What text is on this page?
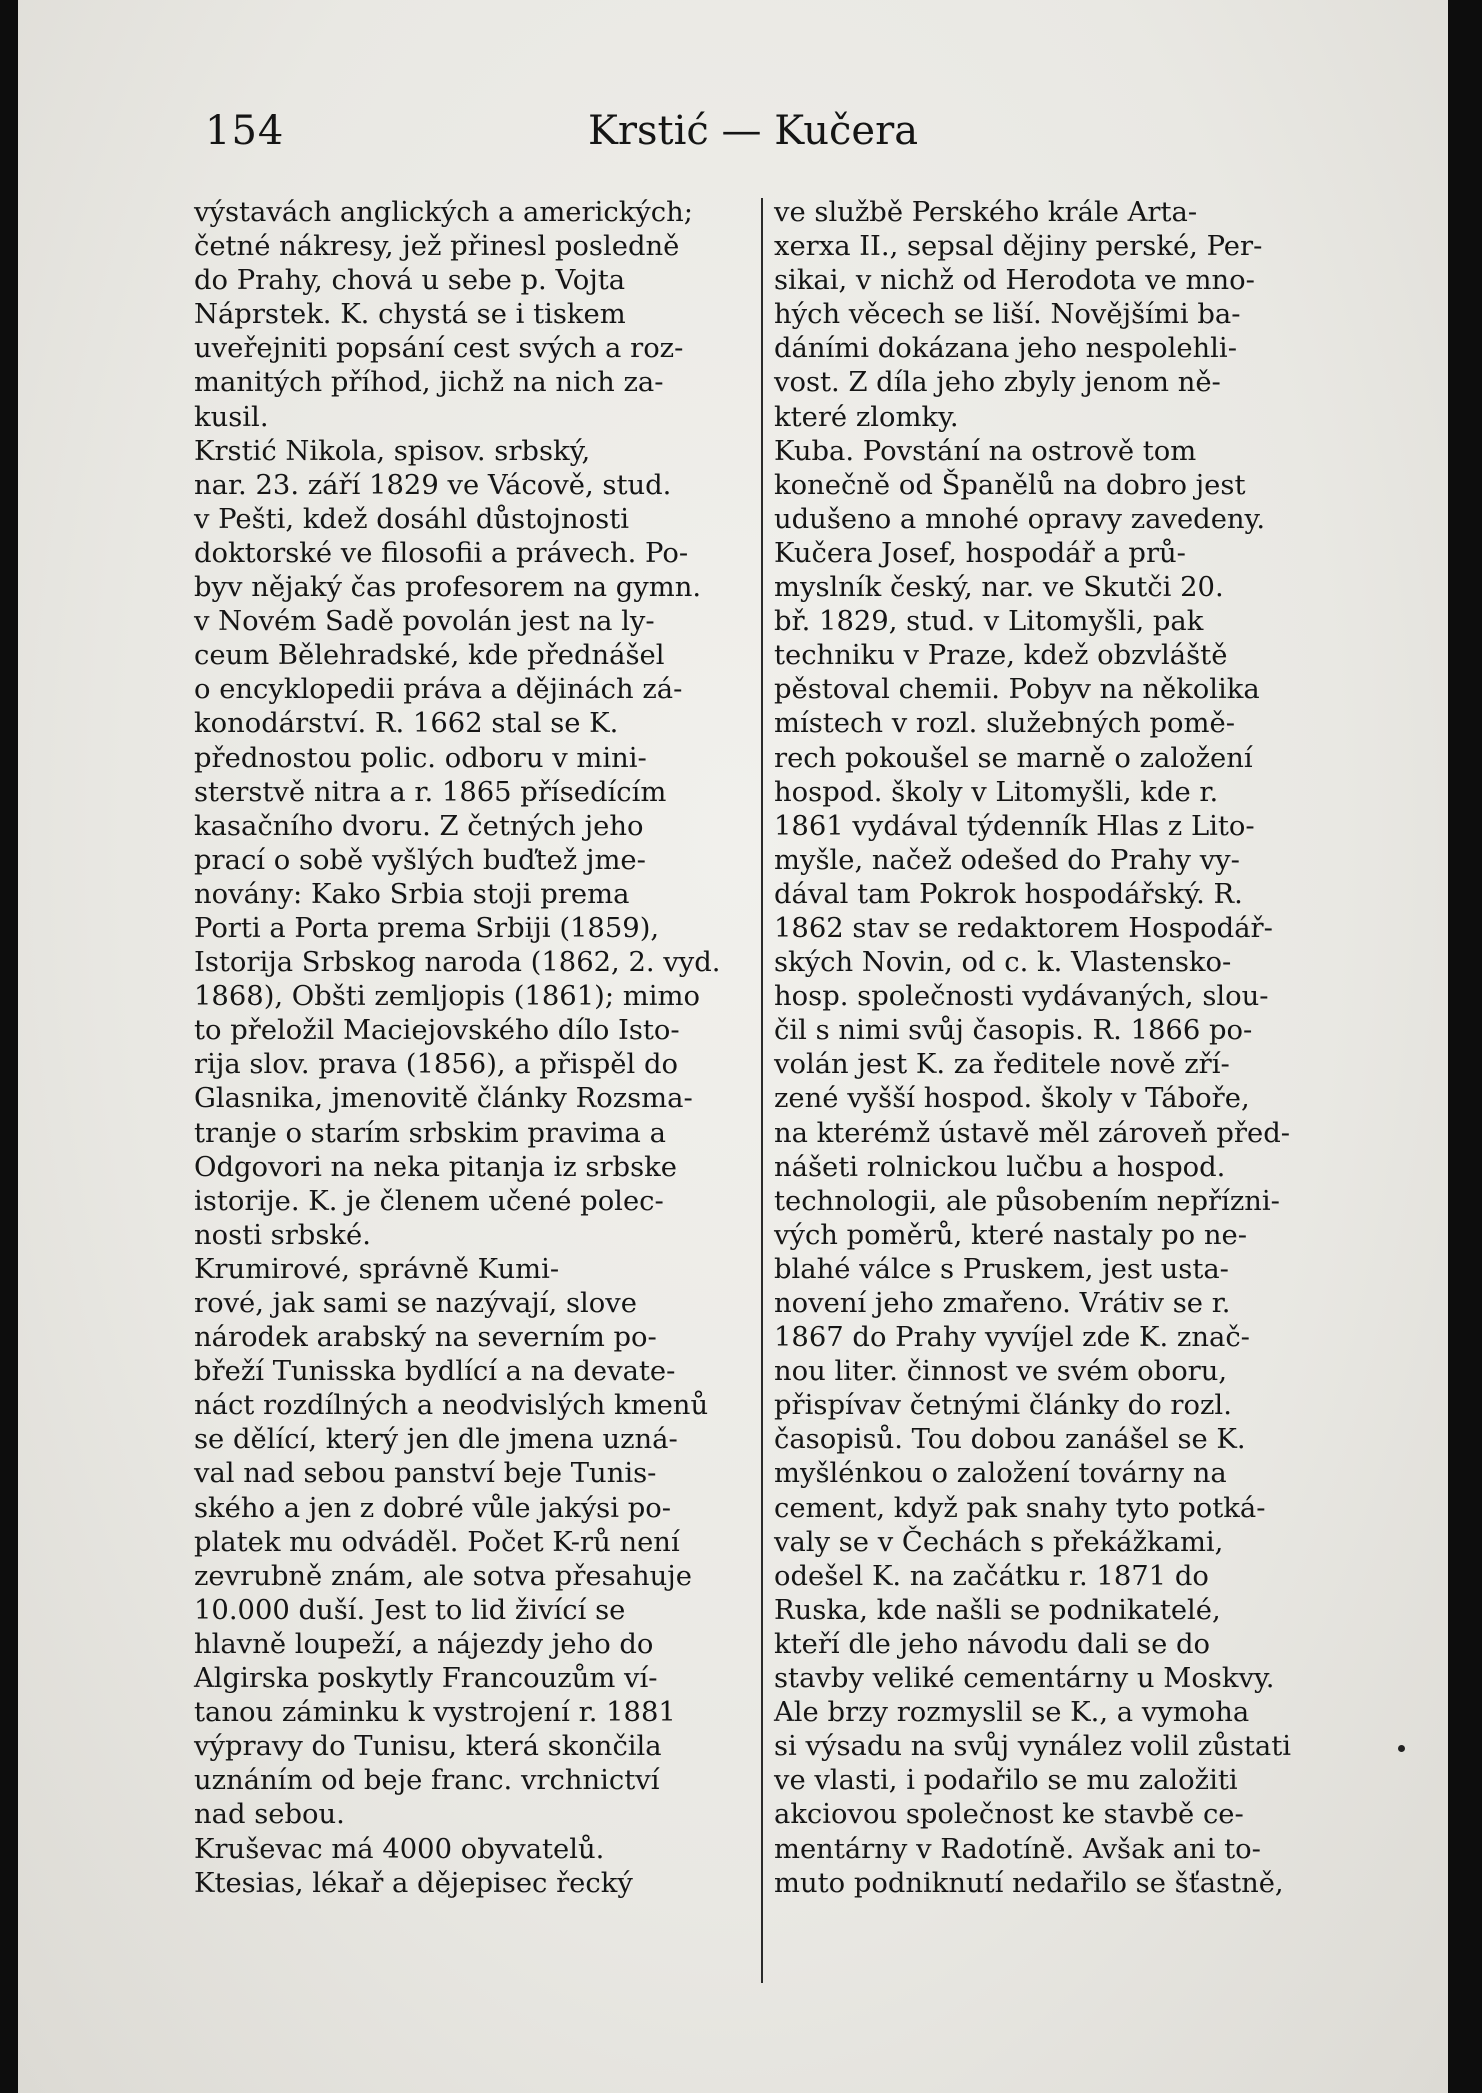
154	Krstić — Kučera
výstavách anglických a amerických;
četné nákresy, jež přinesl posledně
do Prahy, chová u sebe p. Vojta
Náprstek. K. chystá se i tiskem
uveřejniti popsání cest svých a roz-
manitých příhod, jichž na nich za-
kusil.
Krstić Nikola, spisov. srbský,
nar. 23. září 1829 ve Vácově, stud.
v Pešti, kdež dosáhl důstojnosti
doktorské ve filosofii a právech. Po-
byv nějaký čas profesorem na gymn.
v Novém Sadě povolán jest na ly-
ceum Bělehradské, kde přednášel
o encyklopedii práva a dějinách zá-
konodárství. R. 1662 stal se K.
přednostou polic. odboru v mini-
sterstvě nitra a r. 1865 přísedícím
kasačního dvoru. Z četných jeho
prací o sobě vyšlých buďtež jme-
novány: Kako Srbia stoji prema
Porti a Porta prema Srbiji (1859),
Istorija Srbskog naroda (1862, 2. vyd.
1868), Obšti zemljopis (1861); mimo
to přeložil Maciejovského dílo Isto-
rija slov. prava (1856), a přispěl do
Glasnika, jmenovitě články Rozsma-
tranje o starím srbskim pravima a
Odgovori na neka pitanja iz srbske
istorije. K. je členem učené polec-
nosti srbské.
Krumirové, správně Kumi-
rové, jak sami se nazývají, slove
národek arabský na severním po-
břeží Tunisska bydlící a na devate-
náct rozdílných a neodvislých kmenů
se dělící, který jen dle jmena uzná-
val nad sebou panství beje Tunis-
ského a jen z dobré vůle jakýsi po-
platek mu odváděl. Počet K-rů není
zevrubně znám, ale sotva přesahuje
10.000 duší. Jest to lid živící se
hlavně loupeží, a nájezdy jeho do
Algirska poskytly Francouzům ví-
tanou záminku k vystrojení r. 1881
výpravy do Tunisu, která skončila
uznáním od beje franc. vrchnictví
nad sebou.
Kruševac má 4000 obyvatelů.
Ktesias, lékař a dějepisec řecký
ve službě Perského krále Arta-
xerxa II., sepsal dějiny perské, Per-
sikai, v nichž od Herodota ve mno-
hých věcech se liší. Novějšími ba-
dáními dokázana jeho nespolehli-
vost. Z díla jeho zbyly jenom ně-
které zlomky.
Kuba. Povstání na ostrově tom
konečně od Španělů na dobro jest
udušeno a mnohé opravy zavedeny.
Kučera Josef, hospodář a prů-
myslník český, nar. ve Skutči 20.
bř. 1829, stud. v Litomyšli, pak
techniku v Praze, kdež obzvláště
pěstoval chemii. Pobyv na několika
místech v rozl. služebných pomě-
rech pokoušel se marně o založení
hospod. školy v Litomyšli, kde r.
1861 vydával týdenník Hlas z Lito-
myšle, načež odešed do Prahy vy-
dával tam Pokrok hospodářský. R.
1862 stav se redaktorem Hospodář-
ských Novin, od c. k. Vlastensko-
hosp. společnosti vydávaných, slou-
čil s nimi svůj časopis. R. 1866 po-
volán jest K. za ředitele nově zří-
zené vyšší hospod. školy v Táboře,
na kterémž ústavě měl zároveň před-
nášeti rolnickou lučbu a hospod.
technologii, ale působením nepřízni-
vých poměrů, které nastaly po ne-
blahé válce s Pruskem, jest usta-
novení jeho zmařeno. Vrátiv se r.
1867 do Prahy vyvíjel zde K. znač-
nou liter. činnost ve svém oboru,
přispívav četnými články do rozl.
časopisů. Tou dobou zanášel se K.
myšlénkou o založení továrny na
cement, když pak snahy tyto potká-
valy se v Čechách s překážkami,
odešel K. na začátku r. 1871 do
Ruska, kde našli se podnikatelé,
kteří dle jeho návodu dali se do
stavby veliké cementárny u Moskvy.
Ale brzy rozmyslil se K., a vymoha
si výsadu na svůj vynález volil zůstati
ve vlasti, i podařilo se mu založiti
akciovou společnost ke stavbě ce-
mentárny v Radotíně. Avšak ani to-
muto podniknutí nedařilo se šťastně,
